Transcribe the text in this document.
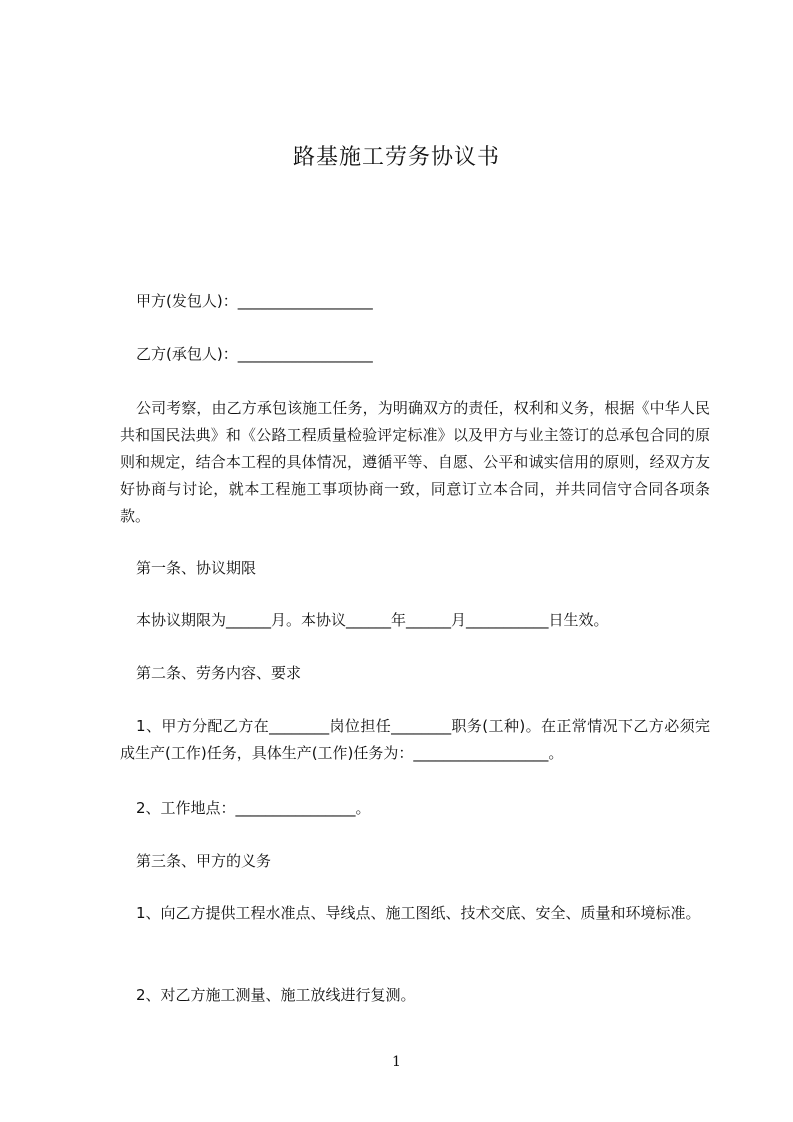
路基施工劳务协议书
甲方(发包人)：__________________
乙方(承包人)：__________________
公司考察，由乙方承包该施工任务，为明确双方的责任，权利和义务，根据《中华人民共和国民法典》和《公路工程质量检验评定标准》以及甲方与业主签订的总承包合同的原则和规定，结合本工程的具体情况，遵循平等、自愿、公平和诚实信用的原则，经双方友好协商与讨论，就本工程施工事项协商一致，同意订立本合同，并共同信守合同各项条款。
第一条、协议期限
本协议期限为______月。本协议______年______月___________日生效。
第二条、劳务内容、要求
1、甲方分配乙方在________岗位担任________职务(工种)。在正常情况下乙方必须完成生产(工作)任务，具体生产(工作)任务为：__________________。
2、工作地点：________________。
第三条、甲方的义务
1、向乙方提供工程水准点、导线点、施工图纸、技术交底、安全、质量和环境标准。
2、对乙方施工测量、施工放线进行复测。
1
